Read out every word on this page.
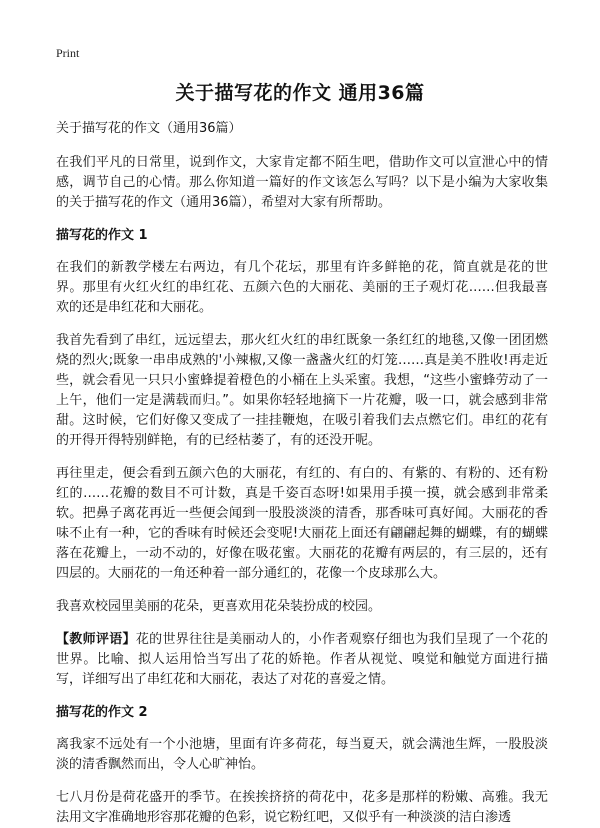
Print
关于描写花的作文 通用36篇

关于描写花的作文（通用36篇）

在我们平凡的日常里，说到作文，大家肯定都不陌生吧，借助作文可以宣泄心中的情感，调节自己的心情。那么你知道一篇好的作文该怎么写吗？以下是小编为大家收集的关于描写花的作文（通用36篇），希望对大家有所帮助。

描写花的作文 1

在我们的新教学楼左右两边，有几个花坛，那里有许多鲜艳的花，简直就是花的世界。那里有火红火红的串红花、五颜六色的大丽花、美丽的王子观灯花……但我最喜欢的还是串红花和大丽花。

我首先看到了串红，远远望去，那火红火红的串红既象一条红红的地毯,又像一团团燃烧的烈火;既象一串串成熟的'小辣椒,又像一盏盏火红的灯笼……真是美不胜收!再走近些，就会看见一只只小蜜蜂提着橙色的小桶在上头采蜜。我想，“这些小蜜蜂劳动了一上午，他们一定是满载而归。”。如果你轻轻地摘下一片花瓣，吸一口，就会感到非常甜。这时候，它们好像又变成了一挂挂鞭炮，在吸引着我们去点燃它们。串红的花有的开得开得特别鲜艳，有的已经枯萎了，有的还没开呢。

再往里走，便会看到五颜六色的大丽花，有红的、有白的、有紫的、有粉的、还有粉红的……花瓣的数目不可计数，真是千姿百态呀!如果用手摸一摸，就会感到非常柔软。把鼻子离花再近一些便会闻到一股股淡淡的清香，那香味可真好闻。大丽花的香味不止有一种，它的香味有时候还会变呢!大丽花上面还有翩翩起舞的蝴蝶，有的蝴蝶落在花瓣上，一动不动的，好像在吸花蜜。大丽花的花瓣有两层的，有三层的，还有四层的。大丽花的一角还种着一部分通红的，花像一个皮球那么大。

我喜欢校园里美丽的花朵，更喜欢用花朵装扮成的校园。

【教师评语】花的世界往往是美丽动人的，小作者观察仔细也为我们呈现了一个花的世界。比喻、拟人运用恰当写出了花的娇艳。作者从视觉、嗅觉和触觉方面进行描写，详细写出了串红花和大丽花，表达了对花的喜爱之情。

描写花的作文 2

离我家不远处有一个小池塘，里面有许多荷花，每当夏天，就会满池生辉，一股股淡淡的清香飘然而出，令人心旷神怡。

七八月份是荷花盛开的季节。在挨挨挤挤的荷花中，花多是那样的粉嫩、高雅。我无法用文字准确地形容那花瓣的色彩，说它粉红吧，又似乎有一种淡淡的洁白渗透
